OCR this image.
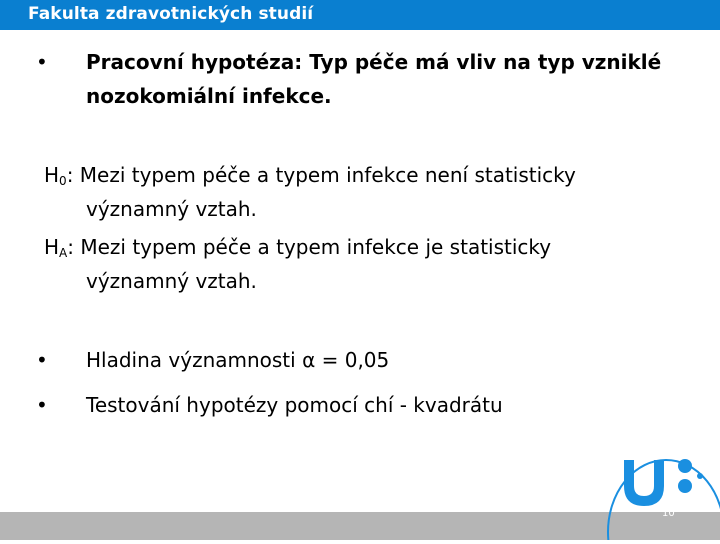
Fakulta zdravotnických studií
• Pracovní hypotéza: Typ péče má vliv na typ vzniklé
nozokomiální infekce.
$H_0$: Mezi typem péče a typem infekce není statisticky
významný vztah.
$H_A$: Mezi typem péče a typem infekce je statisticky
významný vztah.
• Hladina významnosti α = 0,05
• Testování hypotézy pomocí chí - kvadrátu
10
